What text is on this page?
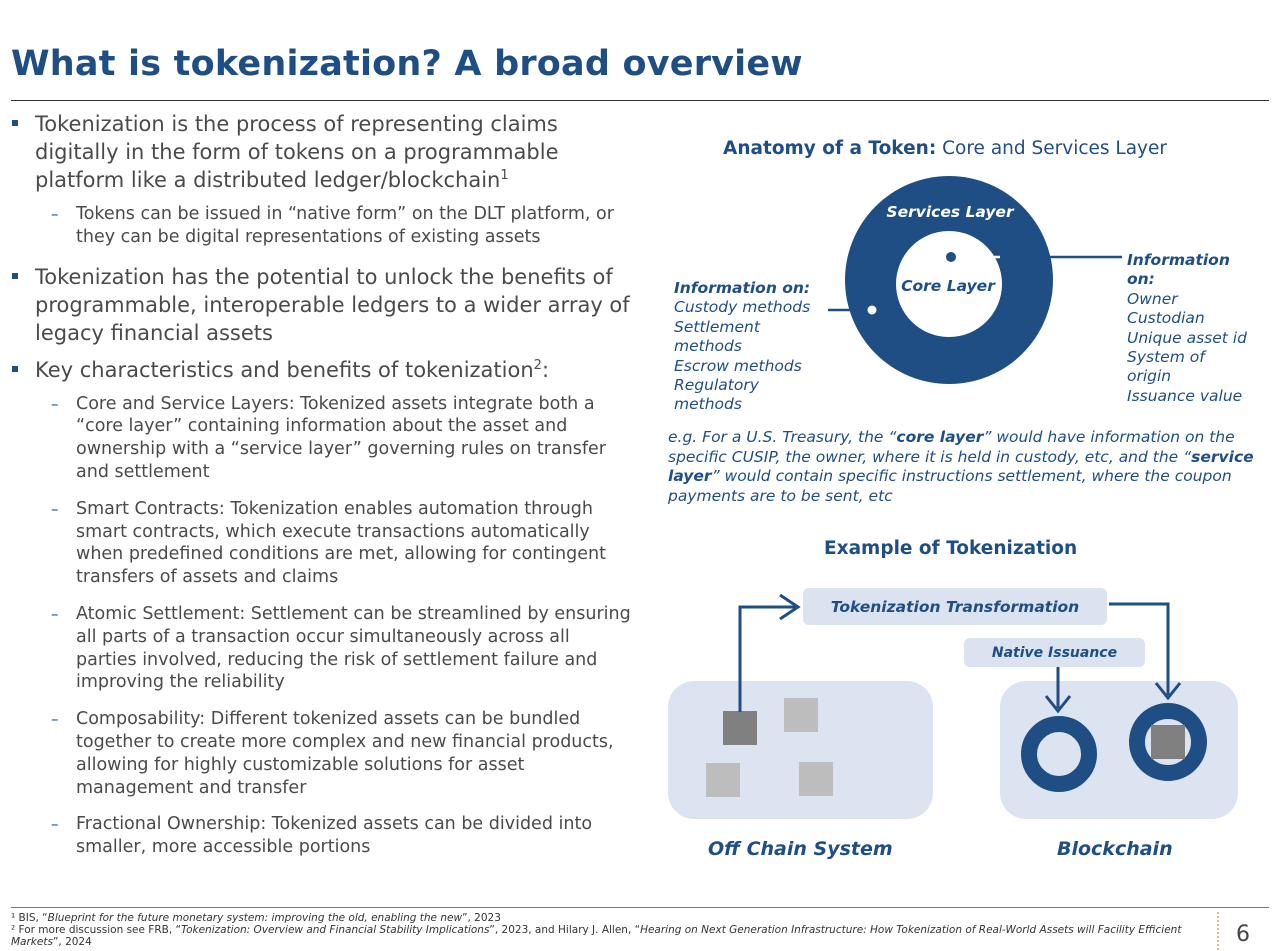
What is tokenization? A broad overview
Tokenization is the process of representing claims digitally in the form of tokens on a programmable platform like a distributed ledger/blockchain$^1$
– Tokens can be issued in “native form” on the DLT platform, or they can be digital representations of existing assets
Tokenization has the potential to unlock the benefits of programmable, interoperable ledgers to a wider array of legacy financial assets
Key characteristics and benefits of tokenization$^2$:
– Core and Service Layers: Tokenized assets integrate both a “core layer” containing information about the asset and ownership with a “service layer” governing rules on transfer and settlement
– Smart Contracts: Tokenization enables automation through smart contracts, which execute transactions automatically when predefined conditions are met, allowing for contingent transfers of assets and claims
– Atomic Settlement: Settlement can be streamlined by ensuring all parts of a transaction occur simultaneously across all parties involved, reducing the risk of settlement failure and improving the reliability
– Composability: Different tokenized assets can be bundled together to create more complex and new financial products, allowing for highly customizable solutions for asset management and transfer
– Fractional Ownership: Tokenized assets can be divided into smaller, more accessible portions
Anatomy of a Token: Core and Services Layer
Services Layer
Core Layer
Information on:
Custody methods
Settlement
methods
Escrow methods
Regulatory
methods
Information
on:
Owner
Custodian
Unique asset id
System of
origin
Issuance value
e.g. For a U.S. Treasury, the “core layer” would have information on the specific CUSIP, the owner, where it is held in custody, etc, and the “service layer” would contain specific instructions settlement, where the coupon payments are to be sent, etc
Example of Tokenization
Tokenization Transformation
Native Issuance
Off Chain System	Blockchain
¹ BIS, “Blueprint for the future monetary system: improving the old, enabling the new”, 2023
² For more discussion see FRB, “Tokenization: Overview and Financial Stability Implications”, 2023, and Hilary J. Allen, “Hearing on Next Generation Infrastructure: How Tokenization of Real-World Assets will Facility Efficient Markets”, 2024	6
